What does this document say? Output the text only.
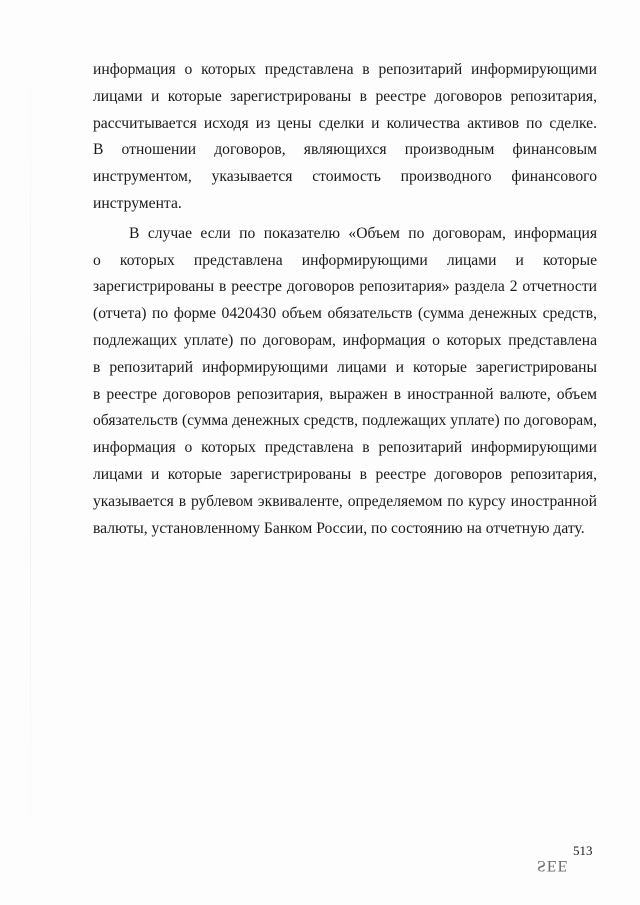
информация о которых представлена в репозитарий информирующими
лицами и которые зарегистрированы в реестре договоров репозитария,
рассчитывается исходя из цены сделки и количества активов по сделке.
В отношении договоров, являющихся производным финансовым
инструментом, указывается стоимость производного финансового
инструмента.
В случае если по показателю «Объем по договорам, информация
о которых представлена информирующими лицами и которые
зарегистрированы в реестре договоров репозитария» раздела 2 отчетности
(отчета) по форме 0420430 объем обязательств (сумма денежных средств,
подлежащих уплате) по договорам, информация о которых представлена
в репозитарий информирующими лицами и которые зарегистрированы
в реестре договоров репозитария, выражен в иностранной валюте, объем
обязательств (сумма денежных средств, подлежащих уплате) по договорам,
информация о которых представлена в репозитарий информирующими
лицами и которые зарегистрированы в реестре договоров репозитария,
указывается в рублевом эквиваленте, определяемом по курсу иностранной
валюты, установленному Банком России, по состоянию на отчетную дату.
513
SEE
